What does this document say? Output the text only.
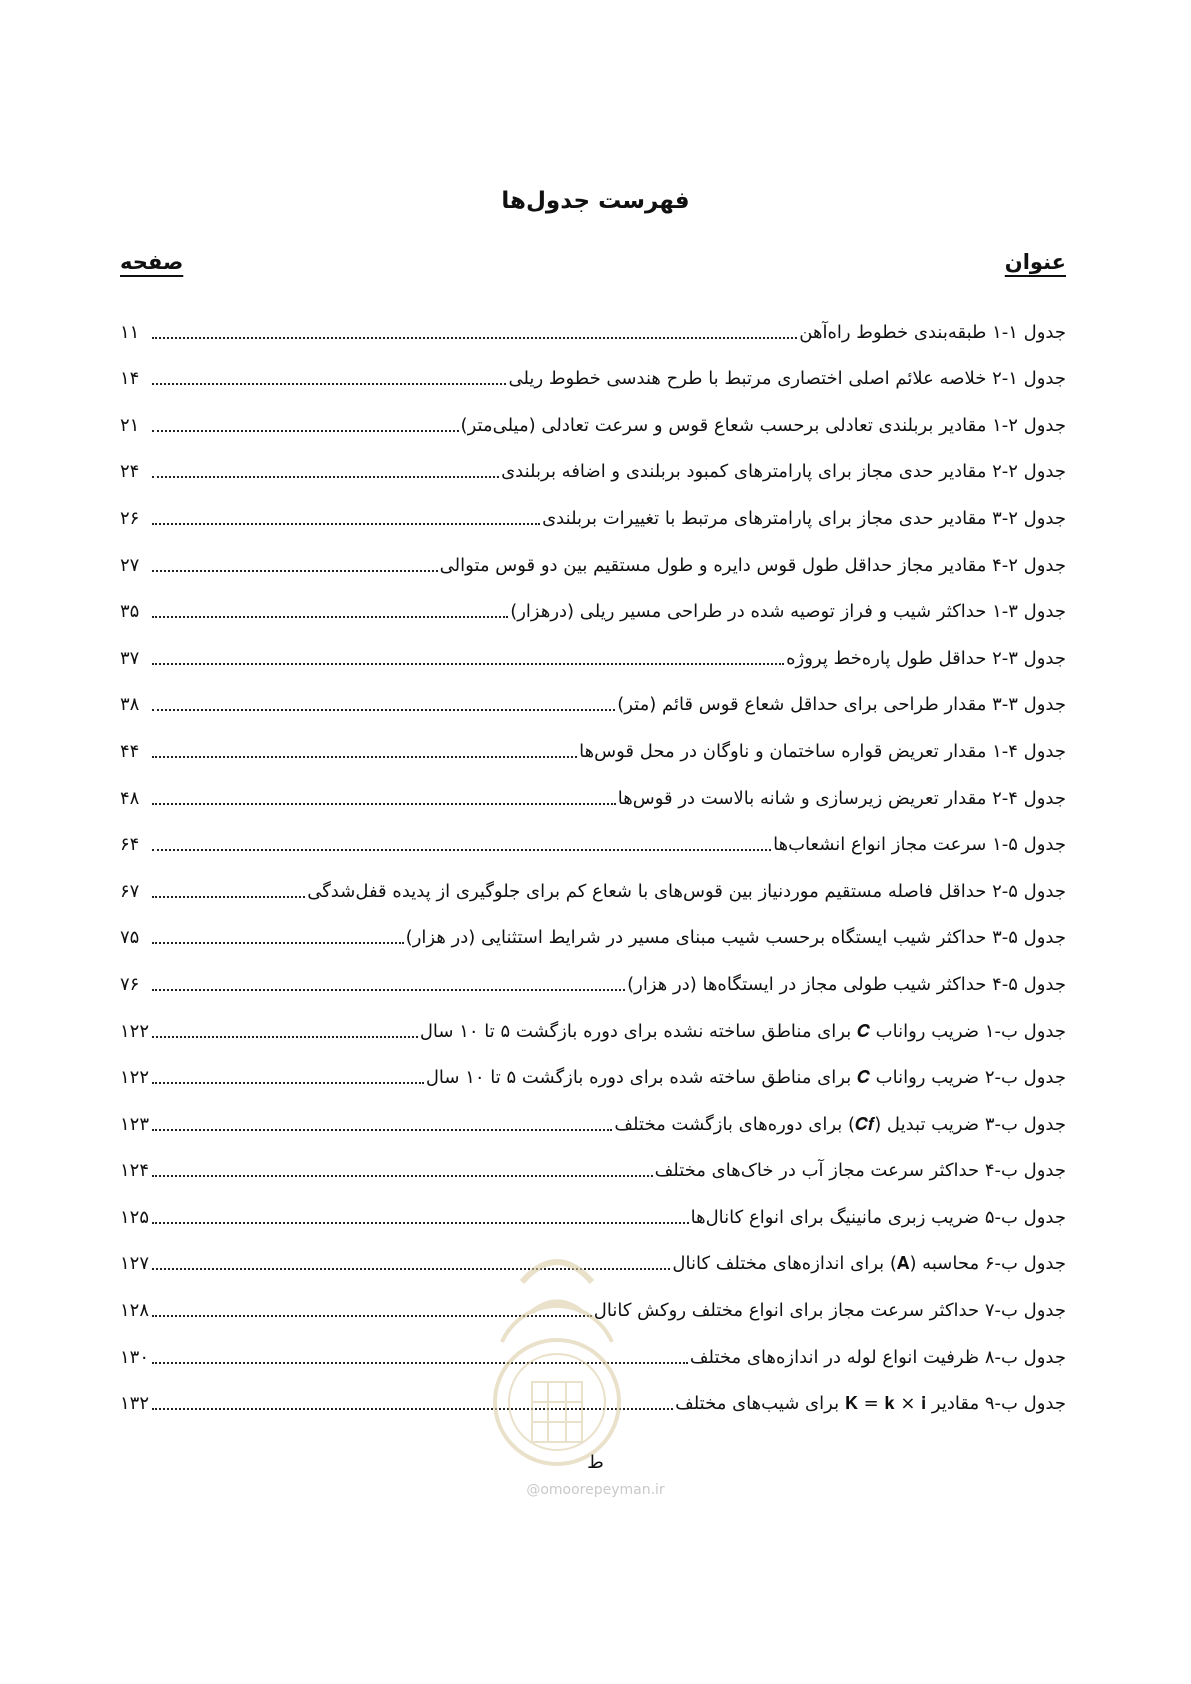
فهرست جدول‌ها
عنوان
صفحه
جدول ۱-۱ طبقه‌بندی خطوط راه‌آهن
۱۱
جدول ۱-۲ خلاصه علائم اصلی اختصاری مرتبط با طرح هندسی خطوط ریلی
۱۴
جدول ۲-۱ مقادیر بربلندی تعادلی برحسب شعاع قوس و سرعت تعادلی (میلی‌متر)
۲۱
جدول ۲-۲ مقادیر حدی مجاز برای پارامترهای کمبود بربلندی و اضافه بربلندی
۲۴
جدول ۲-۳ مقادیر حدی مجاز برای پارامترهای مرتبط با تغییرات بربلندی
۲۶
جدول ۲-۴ مقادیر مجاز حداقل طول قوس دایره و طول مستقیم بین دو قوس متوالی
۲۷
جدول ۳-۱ حداکثر شیب و فراز توصیه شده در طراحی مسیر ریلی (درهزار)
۳۵
جدول ۳-۲ حداقل طول پاره‌خط پروژه
۳۷
جدول ۳-۳ مقدار طراحی برای حداقل شعاع قوس قائم (متر)
۳۸
جدول ۴-۱ مقدار تعریض قواره ساختمان و ناوگان در محل قوس‌ها
۴۴
جدول ۴-۲ مقدار تعریض زیرسازی و شانه بالاست در قوس‌ها
۴۸
جدول ۵-۱ سرعت مجاز انواع انشعاب‌ها
۶۴
جدول ۵-۲ حداقل فاصله مستقیم موردنیاز بین قوس‌های با شعاع کم برای جلوگیری از پدیده قفل‌شدگی
۶۷
جدول ۵-۳ حداکثر شیب ایستگاه برحسب شیب مبنای مسیر در شرایط استثنایی (در هزار)
۷۵
جدول ۵-۴ حداکثر شیب طولی مجاز در ایستگاه‌ها (در هزار)
۷۶
جدول ب-۱ ضریب رواناب 𝑪 برای مناطق ساخته نشده برای دوره بازگشت ۵ تا ۱۰ سال
۱۲۲
جدول ب-۲ ضریب رواناب 𝑪 برای مناطق ساخته شده برای دوره بازگشت ۵ تا ۱۰ سال
۱۲۲
جدول ب-۳ ضریب تبدیل (𝑪𝒇) برای دوره‌های بازگشت مختلف
۱۲۳
جدول ب-۴ حداکثر سرعت مجاز آب در خاک‌های مختلف
۱۲۴
جدول ب-۵ ضریب زبری مانینیگ برای انواع کانال‌ها
۱۲۵
جدول ب-۶ محاسبه (𝐀) برای اندازه‌های مختلف کانال
۱۲۷
جدول ب-۷ حداکثر سرعت مجاز برای انواع مختلف روکش کانال
۱۲۸
جدول ب-۸ ظرفیت انواع لوله در اندازه‌های مختلف
۱۳۰
جدول ب-۹ مقادیر 𝐊 = 𝐤 × 𝐢 برای شیب‌های مختلف
۱۳۲
ط
@omoorepeyman.ir
